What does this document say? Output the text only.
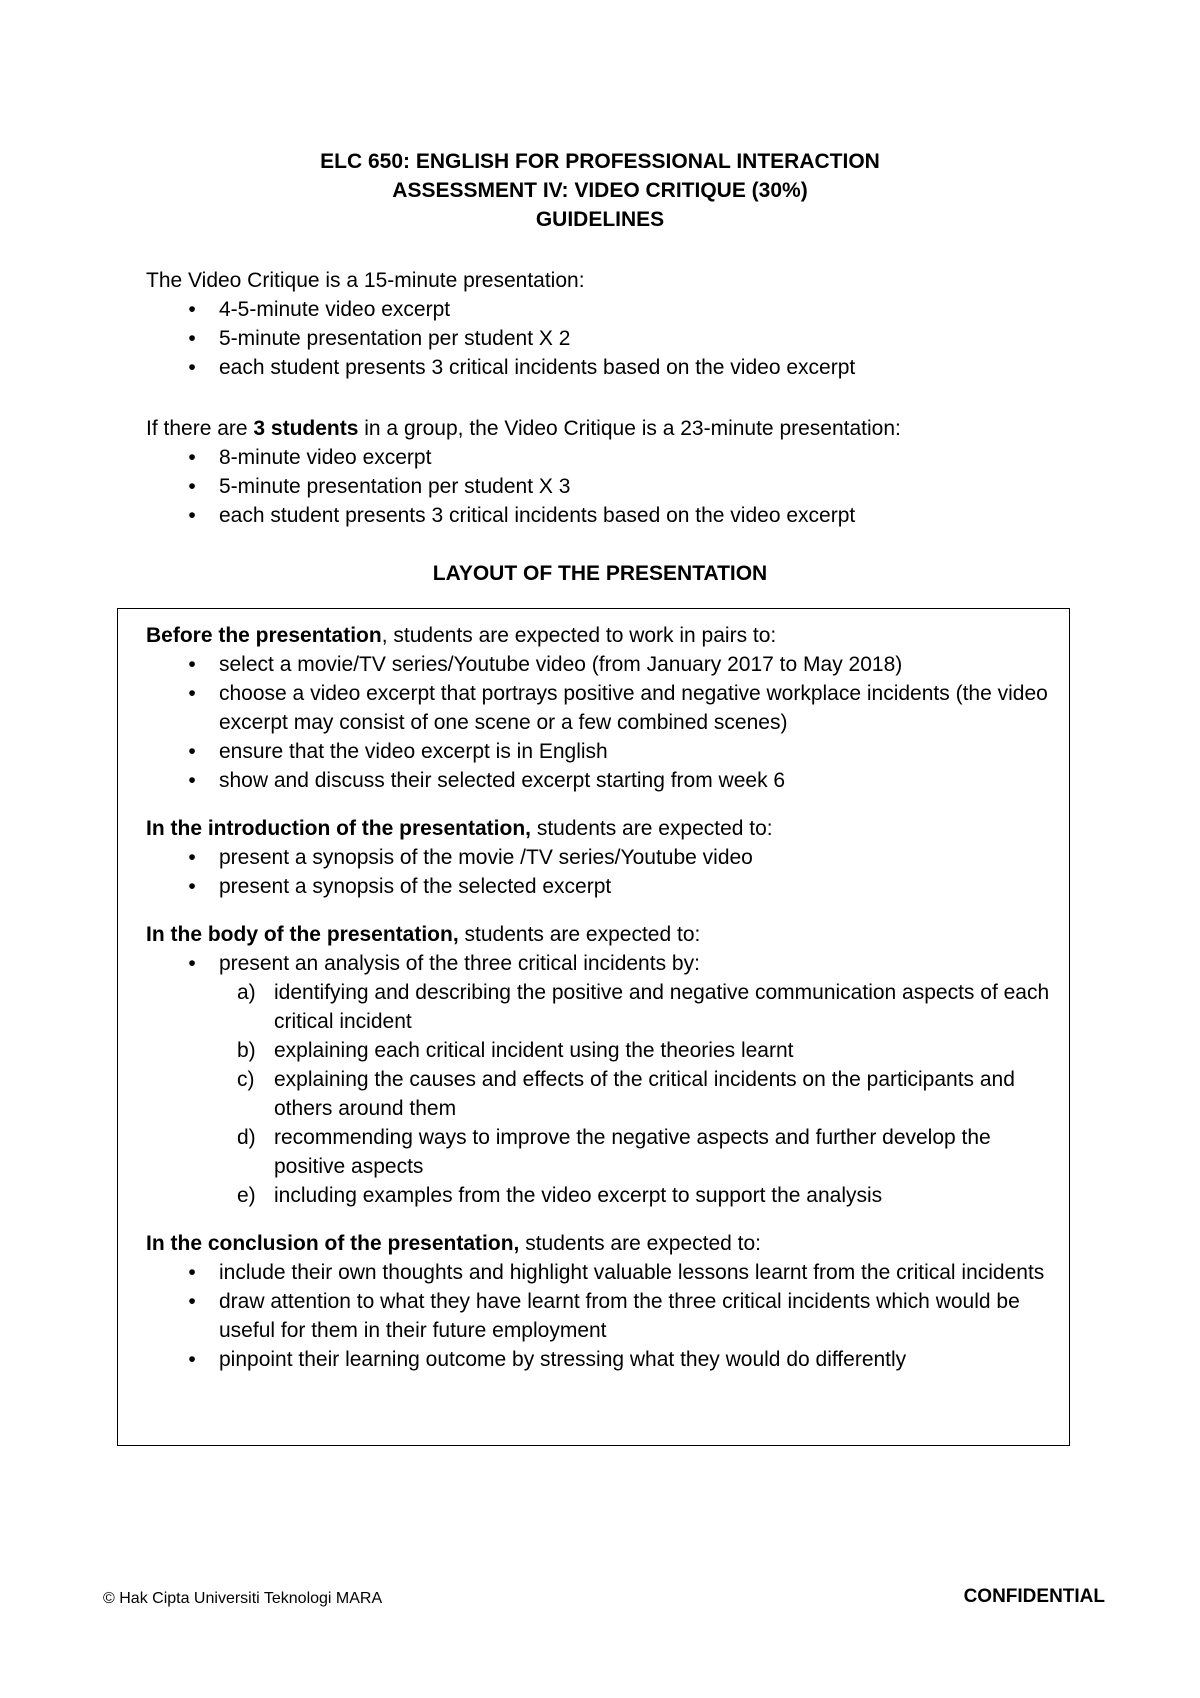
ELC 650: ENGLISH FOR PROFESSIONAL INTERACTION
ASSESSMENT IV: VIDEO CRITIQUE (30%)
GUIDELINES

The Video Critique is a 15-minute presentation:

• 4-5-minute video excerpt
• 5-minute presentation per student X 2
• each student presents 3 critical incidents based on the video excerpt

If there are 3 students in a group, the Video Critique is a 23-minute presentation:

• 8-minute video excerpt
• 5-minute presentation per student X 3
• each student presents 3 critical incidents based on the video excerpt
LAYOUT OF THE PRESENTATION

Before the presentation, students are expected to work in pairs to:

• select a movie/TV series/Youtube video (from January 2017 to May 2018)
• choose a video excerpt that portrays positive and negative workplace incidents (the video excerpt may consist of one scene or a few combined scenes)
• ensure that the video excerpt is in English
• show and discuss their selected excerpt starting from week 6

In the introduction of the presentation, students are expected to:

• present a synopsis of the movie /TV series/Youtube video
• present a synopsis of the selected excerpt

In the body of the presentation, students are expected to:

• present an analysis of the three critical incidents by:
a) identifying and describing the positive and negative communication aspects of each critical incident
b) explaining each critical incident using the theories learnt
c) explaining the causes and effects of the critical incidents on the participants and others around them
d) recommending ways to improve the negative aspects and further develop the positive aspects
e) including examples from the video excerpt to support the analysis

In the conclusion of the presentation, students are expected to:

• include their own thoughts and highlight valuable lessons learnt from the critical incidents
• draw attention to what they have learnt from the three critical incidents which would be useful for them in their future employment
• pinpoint their learning outcome by stressing what they would do differently
© Hak Cipta Universiti Teknologi MARA	CONFIDENTIAL
